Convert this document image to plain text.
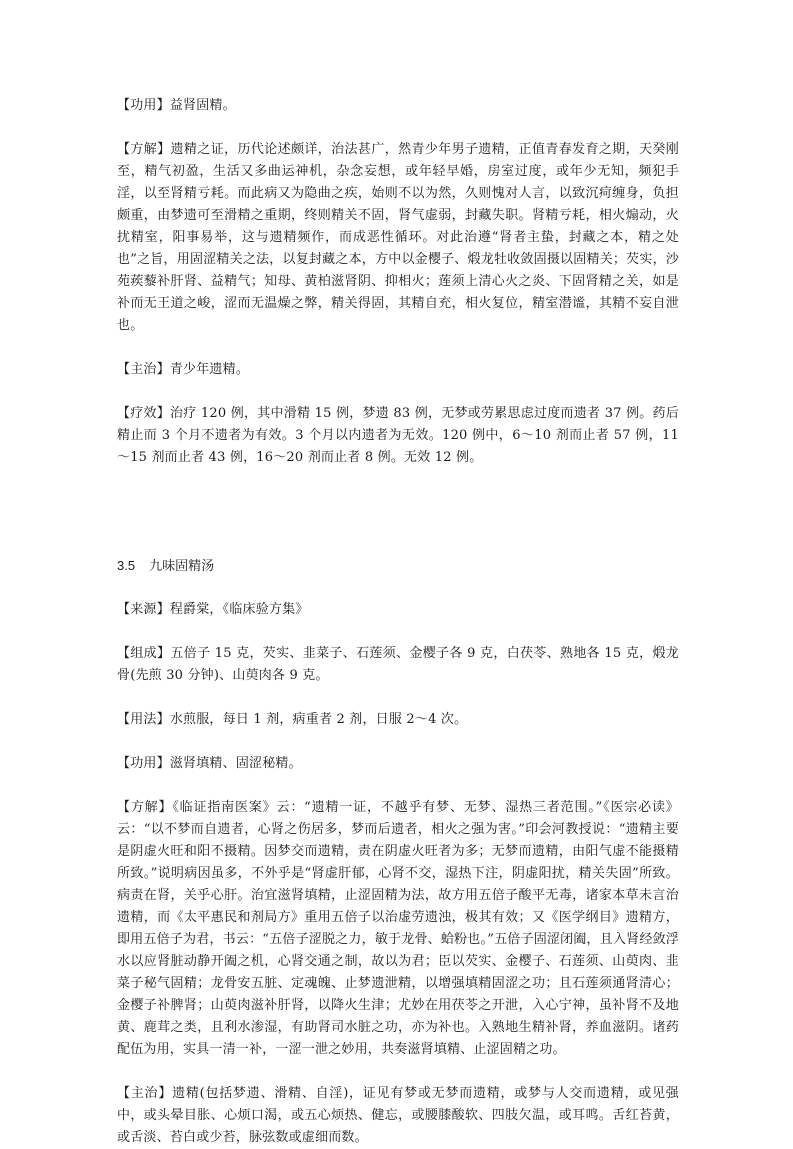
【功用】益肾固精。

【方解】遗精之证，历代论述颇详，治法甚广，然青少年男子遗精，正值青春发育之期，天癸刚至，精气初盈，生活又多曲运神机，杂念妄想，或年轻早婚，房室过度，或年少无知，频犯手淫，以至肾精亏耗。而此病又为隐曲之疾，始则不以为然，久则愧对人言，以致沉疴缠身，负担颇重，由梦遗可至滑精之重期，终则精关不固，肾气虚弱，封藏失职。肾精亏耗，相火煽动，火扰精室，阳事易举，这与遗精频作，而成恶性循环。对此治遵“肾者主蛰，封藏之本，精之处也”之旨，用固涩精关之法，以复封藏之本，方中以金樱子、煅龙牡收敛固摄以固精关；芡实，沙苑蒺藜补肝肾、益精气；知母、黄柏滋肾阴、抑相火；莲须上清心火之炎、下固肾精之关，如是补而无王道之峻，涩而无温燥之弊，精关得固，其精自充，相火复位，精室潜谧，其精不妄自泄也。

【主治】青少年遗精。

【疗效】治疗 120 例，其中滑精 15 例，梦遗 83 例，无梦或劳累思虑过度而遗者 37 例。药后精止而 3 个月不遗者为有效。3 个月以内遗者为无效。120 例中，6～10 剂而止者 57 例，11～15 剂而止者 43 例，16～20 剂而止者 8 例。无效 12 例。

3.5 九味固精汤

【来源】程爵棠，《临床验方集》

【组成】五倍子 15 克，芡实、韭菜子、石莲须、金樱子各 9 克，白茯苓、熟地各 15 克，煅龙骨(先煎 30 分钟)、山萸肉各 9 克。

【用法】水煎服，每日 1 剂，病重者 2 剂，日服 2～4 次。

【功用】滋肾填精、固涩秘精。

【方解】《临证指南医案》云：“遗精一证，不越乎有梦、无梦、湿热三者范围。”《医宗必读》云：“以不梦而自遗者，心肾之伤居多，梦而后遗者，相火之强为害。”印会河教授说：“遗精主要是阴虚火旺和阳不摄精。因梦交而遗精，责在阴虚火旺者为多；无梦而遗精，由阳气虚不能摄精所致。”说明病因虽多，不外乎是“肾虚肝郁，心肾不交，湿热下注，阴虚阳扰，精关失固”所致。病责在肾，关乎心肝。治宜滋肾填精，止涩固精为法，故方用五倍子酸平无毒，诸家本草未言治遗精，而《太平惠民和剂局方》重用五倍子以治虚劳遗浊，极其有效；又《医学纲目》遗精方，即用五倍子为君，书云：“五倍子涩脱之力，敏于龙骨、蛤粉也。”五倍子固涩闭阖，且入肾经敛浮水以应肾脏动静开阖之机，心肾交通之制，故以为君；臣以芡实、金樱子、石莲须、山萸肉、韭菜子秘气固精；龙骨安五脏、定魂魄、止梦遗泄精，以增强填精固涩之功；且石莲须通肾清心；金樱子补脾肾；山萸肉滋补肝肾，以降火生津；尤妙在用茯苓之开泄，入心宁神，虽补肾不及地黄、鹿茸之类，且利水渗湿，有助肾司水脏之功，亦为补也。入熟地生精补肾，养血滋阴。诸药配伍为用，实具一清一补，一涩一泄之妙用，共奏滋肾填精、止涩固精之功。

【主治】遗精(包括梦遗、滑精、自淫)，证见有梦或无梦而遗精，或梦与人交而遗精，或见强中，或头晕目胀、心烦口渴，或五心烦热、健忘，或腰膝酸软、四肢欠温，或耳鸣。舌红苔黄，或舌淡、苔白或少苔，脉弦数或虚细而数。
